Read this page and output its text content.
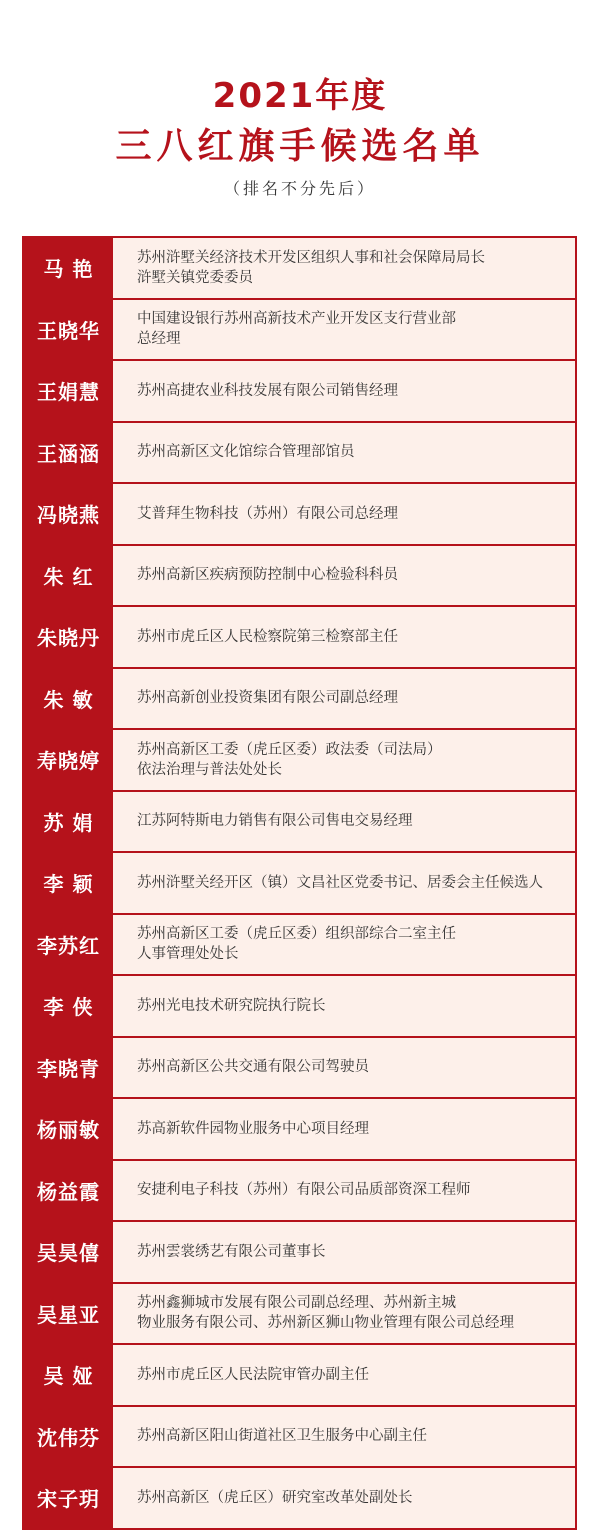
2021年度
三八红旗手候选名单
（排名不分先后）
马 艳	苏州浒墅关经济技术开发区组织人事和社会保障局局长
浒墅关镇党委委员
王晓华	中国建设银行苏州高新技术产业开发区支行营业部
总经理
王娟慧	苏州高捷农业科技发展有限公司销售经理
王涵涵	苏州高新区文化馆综合管理部馆员
冯晓燕	艾普拜生物科技（苏州）有限公司总经理
朱 红	苏州高新区疾病预防控制中心检验科科员
朱晓丹	苏州市虎丘区人民检察院第三检察部主任
朱 敏	苏州高新创业投资集团有限公司副总经理
寿晓婷	苏州高新区工委（虎丘区委）政法委（司法局）
依法治理与普法处处长
苏 娟	江苏阿特斯电力销售有限公司售电交易经理
李 颖	苏州浒墅关经开区（镇）文昌社区党委书记、居委会主任候选人
李苏红	苏州高新区工委（虎丘区委）组织部综合二室主任
人事管理处处长
李 侠	苏州光电技术研究院执行院长
李晓青	苏州高新区公共交通有限公司驾驶员
杨丽敏	苏高新软件园物业服务中心项目经理
杨益霞	安捷利电子科技（苏州）有限公司品质部资深工程师
吴昊僖	苏州雲裳绣艺有限公司董事长
吴星亚	苏州鑫狮城市发展有限公司副总经理、苏州新主城
物业服务有限公司、苏州新区狮山物业管理有限公司总经理
吴 娅	苏州市虎丘区人民法院审管办副主任
沈伟芬	苏州高新区阳山街道社区卫生服务中心副主任
宋子玥	苏州高新区（虎丘区）研究室改革处副处长
